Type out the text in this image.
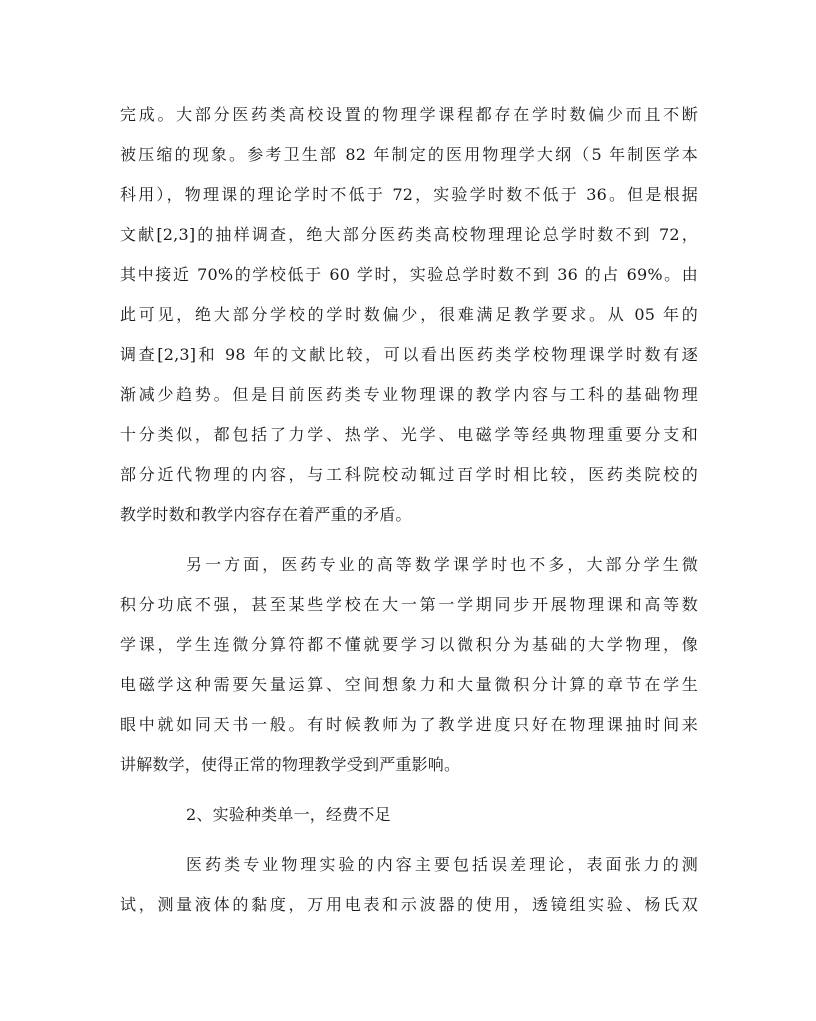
完成。大部分医药类高校设置的物理学课程都存在学时数偏少而且不断
被压缩的现象。参考卫生部 82 年制定的医用物理学大纲（5 年制医学本
科用），物理课的理论学时不低于 72，实验学时数不低于 36。但是根据
文献[2,3]的抽样调查，绝大部分医药类高校物理理论总学时数不到 72，
其中接近 70%的学校低于 60 学时，实验总学时数不到 36 的占 69%。由
此可见，绝大部分学校的学时数偏少，很难满足教学要求。从 05 年的
调查[2,3]和 98 年的文献比较，可以看出医药类学校物理课学时数有逐
渐减少趋势。但是目前医药类专业物理课的教学内容与工科的基础物理
十分类似，都包括了力学、热学、光学、电磁学等经典物理重要分支和
部分近代物理的内容，与工科院校动辄过百学时相比较，医药类院校的
教学时数和教学内容存在着严重的矛盾。
另一方面，医药专业的高等数学课学时也不多，大部分学生微
积分功底不强，甚至某些学校在大一第一学期同步开展物理课和高等数
学课，学生连微分算符都不懂就要学习以微积分为基础的大学物理，像
电磁学这种需要矢量运算、空间想象力和大量微积分计算的章节在学生
眼中就如同天书一般。有时候教师为了教学进度只好在物理课抽时间来
讲解数学，使得正常的物理教学受到严重影响。
2、实验种类单一，经费不足
医药类专业物理实验的内容主要包括误差理论，表面张力的测
试，测量液体的黏度，万用电表和示波器的使用，透镜组实验、杨氏双
